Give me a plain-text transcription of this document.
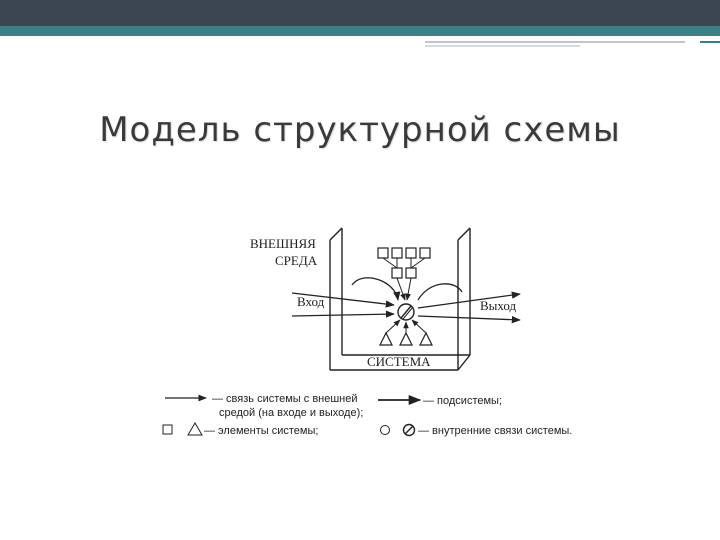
Модель структурной схемы
ВНЕШНЯЯ
СРЕДА
Вход	Выход
СИСТЕМА
— связь системы с внешней
средой (на входе и выходе);
— подсистемы;
— элементы системы;	— внутренние связи системы.
